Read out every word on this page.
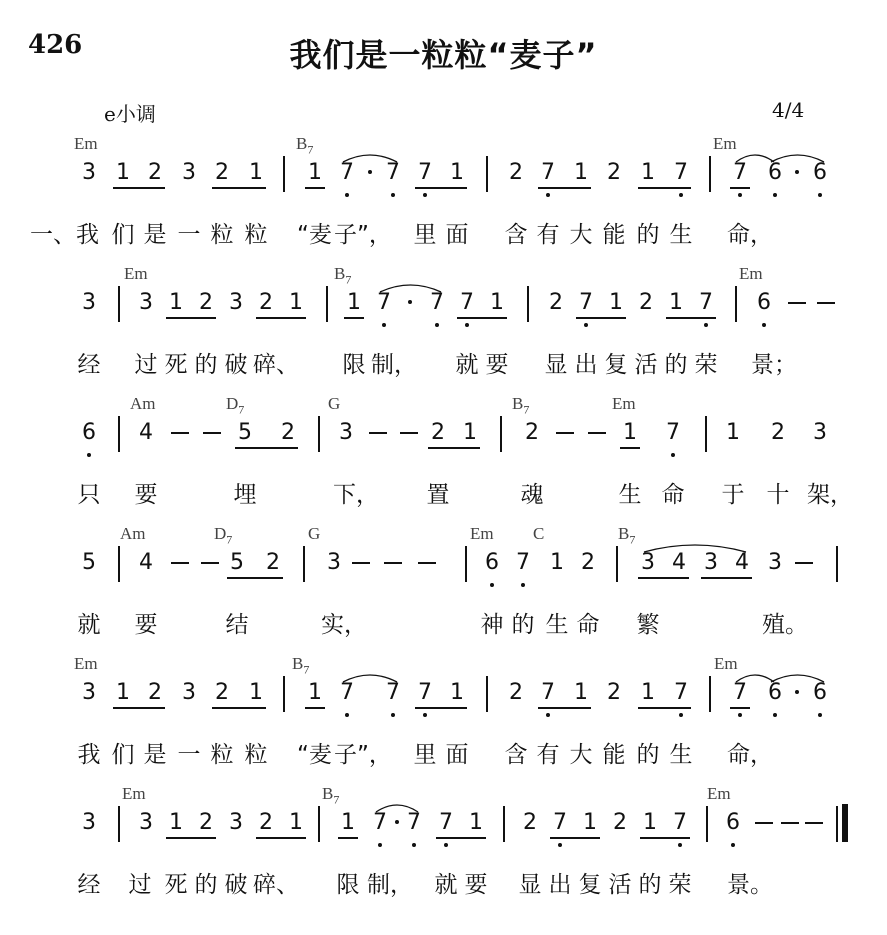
426	我们是一粒粒“麦子”
e小调	4/4
3 1 2 3 2 1 1 7 7 7 1 2 7 1 2 1 7 7 6 6
Em	$B_7$	Em
一、我 们 是 一 粒 粒 “麦 子”， 里 面 含 有 大 能 的 生 命，
3 3 1 2 3 2 1 1 7 7 7 1 2 7 1 2 1 7 6
Em	$B_7$	Em
经 过 死 的 破 碎、 限 制， 就 要 显 出 复 活 的 荣 景；
6 4	5 2 3	2 1 2	1 7 1 2 3
Am	$D_7$	G	$B_7$	Em
只 要	埋	下， 置	魂	生 命 于 十 架，
5 4	5 2 3	6 7 1 2 3 4 3 4 3
Am	$D_7$	G	Em C	$B_7$
就 要	结	实，	神 的 生 命 繁	殖。
3 1 2 3 2 1 1 7 7 7 1 2 7 1 2 1 7 7 6 6
Em	$B_7$	Em
我 们 是 一 粒 粒 “麦 子”， 里 面 含 有 大 能 的 生 命，
3 3 1 2 3 2 1 1 7 7 7 1 2 7 1 2 1 7 6
Em	$B_7$	Em
经 过 死 的 破 碎、 限 制， 就 要 显 出 复 活 的 荣 景。
